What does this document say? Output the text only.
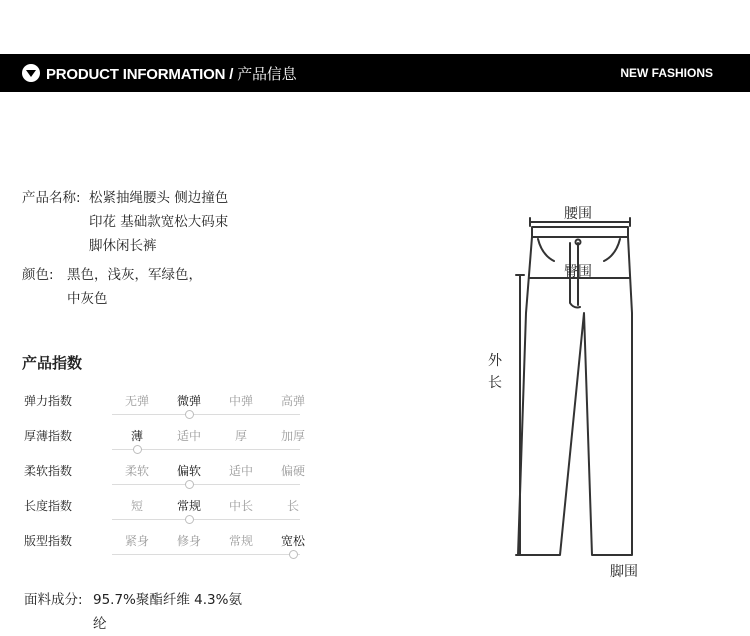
PRODUCT INFORMATION / 产品信息	NEW FASHIONS
产品名称: 松紧抽绳腰头 侧边撞色
印花 基础款宽松大码束
脚休闲长裤
颜色: 黑色，浅灰，军绿色，
中灰色
产品指数
弹力指数	无弹	微弹	中弹	高弹
厚薄指数	薄	适中	厚	加厚
柔软指数	柔软	偏软	适中	偏硬
长度指数	短	常规	中长	长
版型指数	紧身	修身	常规	宽松
面料成分: 95.7%聚酯纤维 4.3%氨纶
腰围
臀围
外
长
脚围
